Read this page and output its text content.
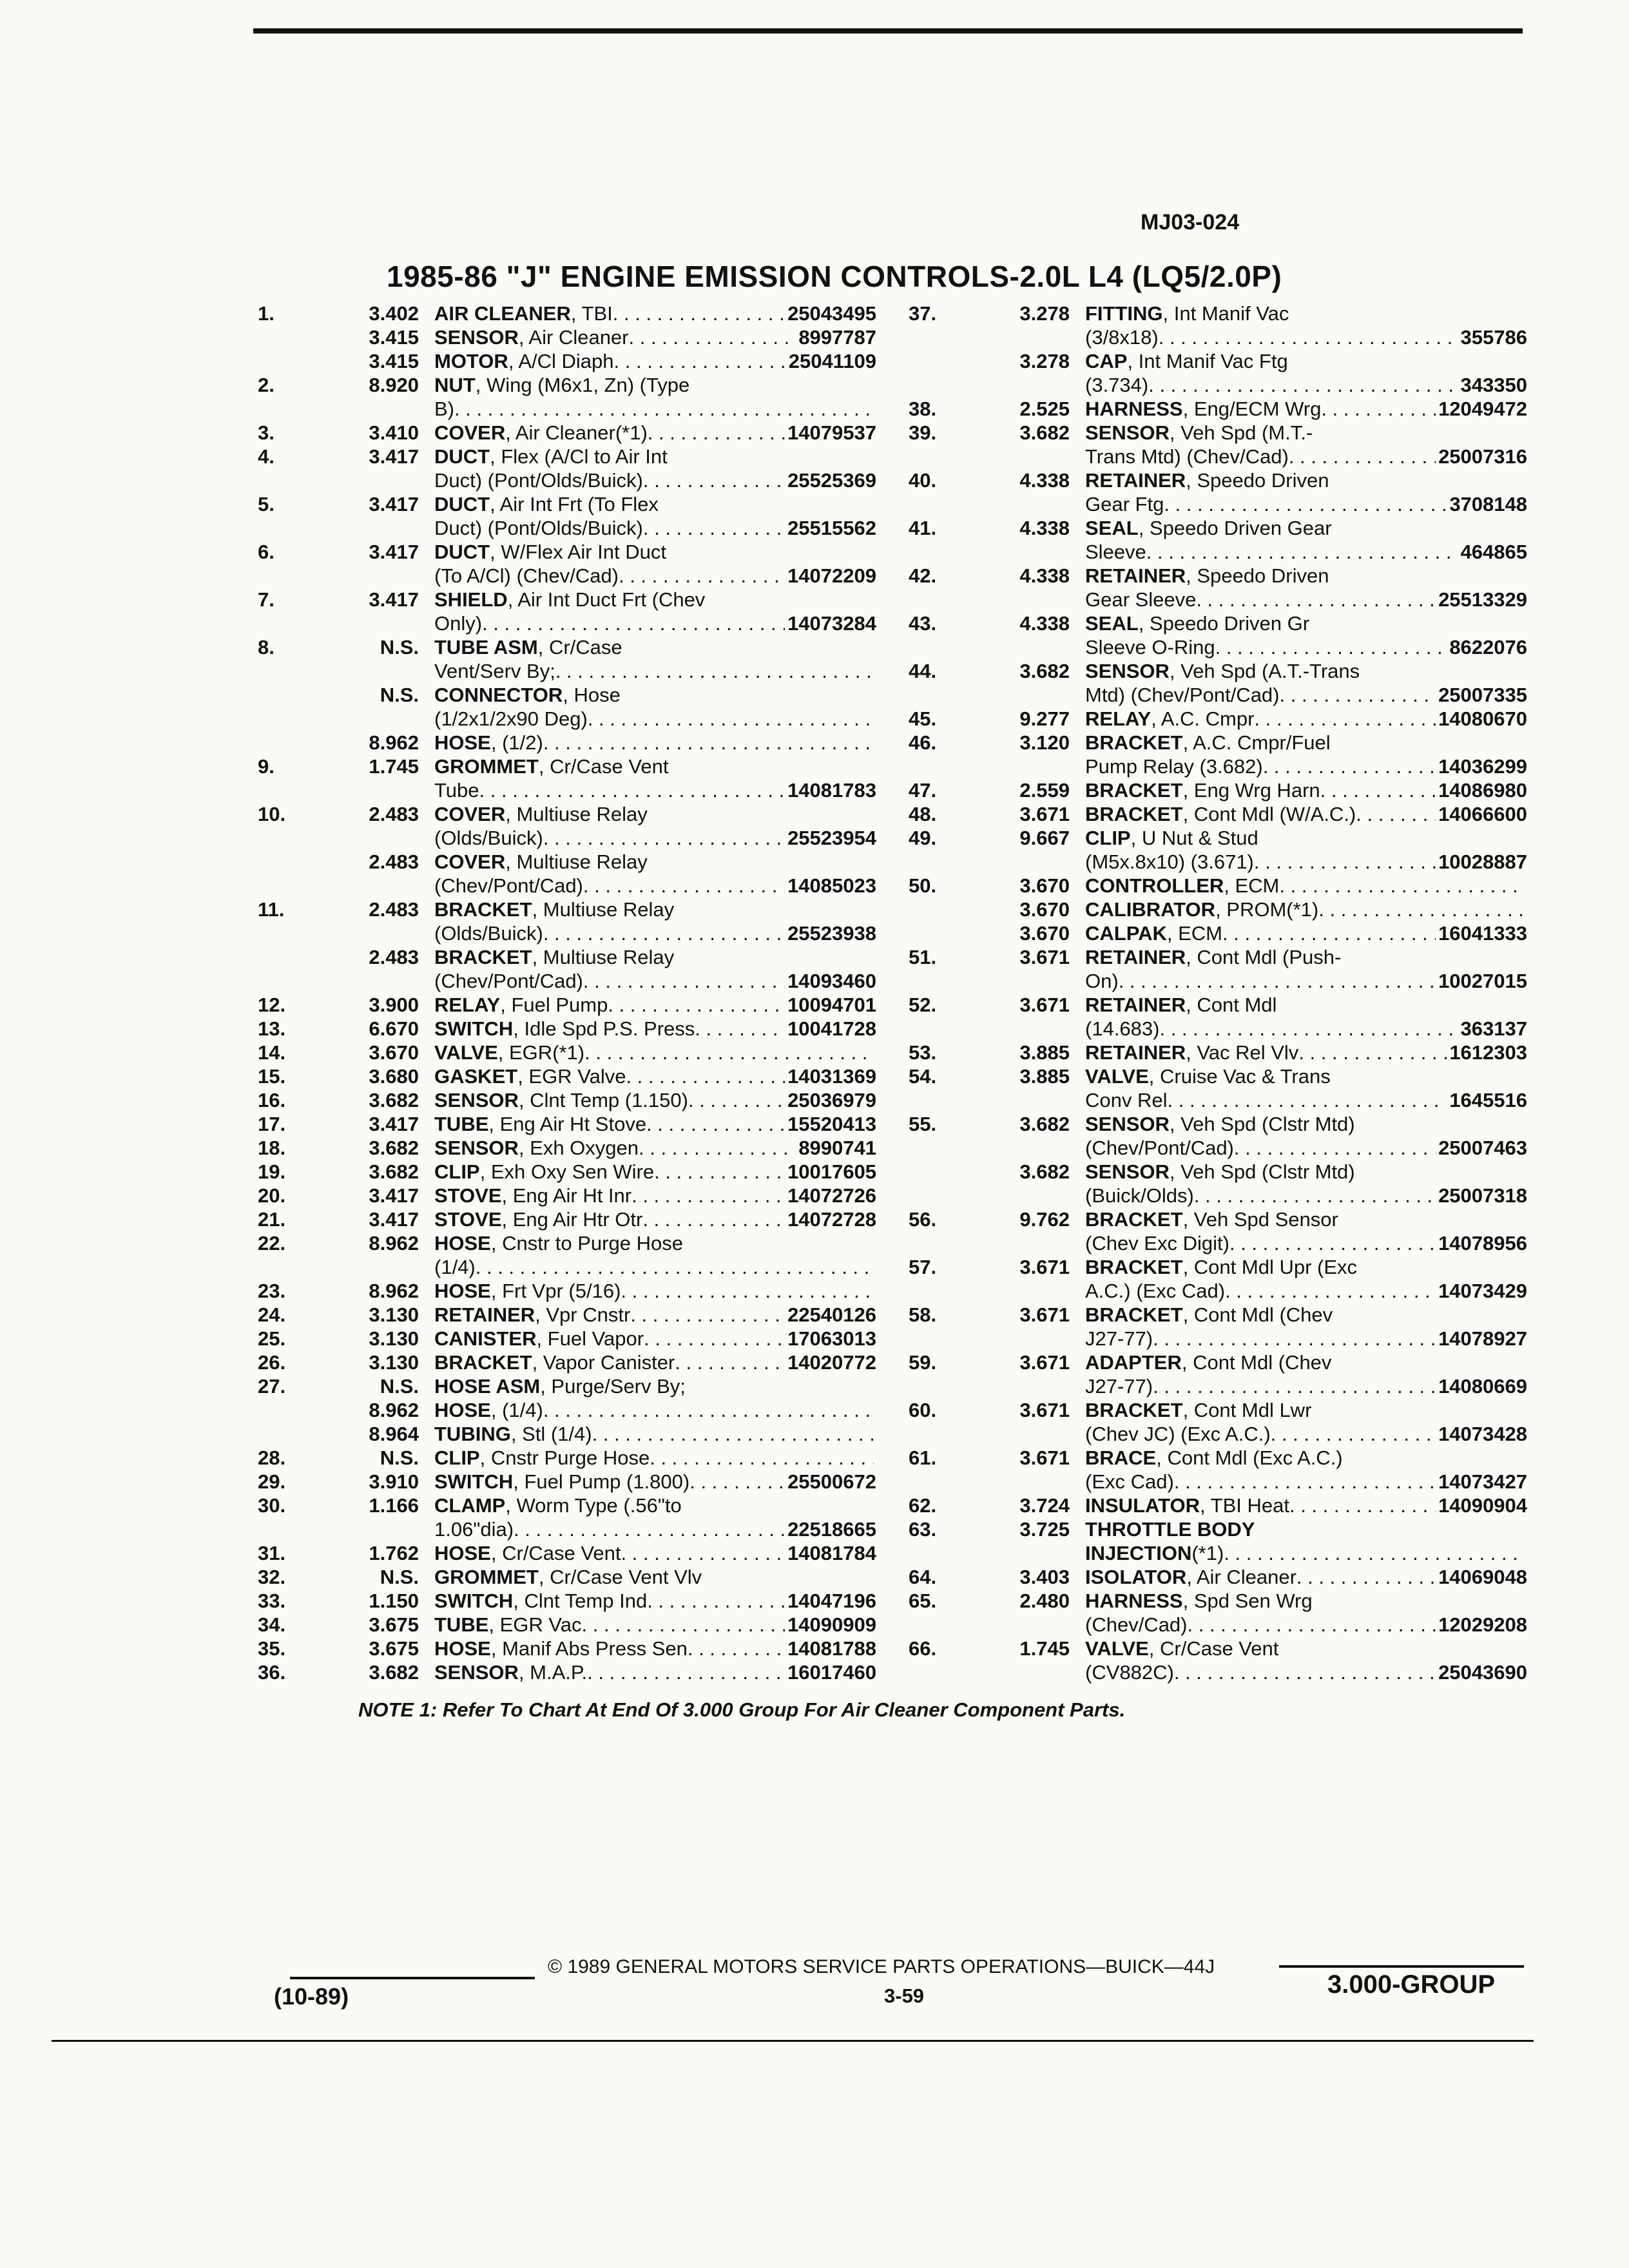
MJ03-024
1985-86 "J" ENGINE EMISSION CONTROLS-2.0L L4 (LQ5/2.0P)
1.	3.402 AIR CLEANER , TBI . . .	25043495
3.415 SENSOR , Air Cleaner . . .	8997787
3.415 MOTOR , A/Cl Diaph . . .	25041109
2.	8.920 NUT , Wing (M6x1, Zn) (Type
B)
. . .
3.	3.410 COVER , Air Cleaner(*1) . . .	14079537
4.	3.417 DUCT , Flex (A/Cl to Air Int
Duct) (Pont/Olds/Buick) . . .	25525369
5.	3.417 DUCT , Air Int Frt (To Flex
Duct) (Pont/Olds/Buick) . . .	25515562
6.	3.417 DUCT , W/Flex Air Int Duct
(To A/Cl) (Chev/Cad) . . .	14072209
7.	3.417 SHIELD , Air Int Duct Frt (Chev
Only) . . .	14073284
8.	N.S. TUBE ASM , Cr/Case
Vent/Serv By;
. . .
N.S. CONNECTOR , Hose
(1/2x1/2x90 Deg)
. . .
8.962 HOSE , (1/2)
. . .
9.	1.745 GROMMET , Cr/Case Vent
Tube . . .	14081783
10.	2.483 COVER , Multiuse Relay
(Olds/Buick) . . .	25523954
2.483 COVER , Multiuse Relay
(Chev/Pont/Cad) . . .	14085023
11.	2.483 BRACKET , Multiuse Relay
(Olds/Buick) . . .	25523938
2.483 BRACKET , Multiuse Relay
(Chev/Pont/Cad) . . .	14093460
12.	3.900 RELAY , Fuel Pump . . .	10094701
13.	6.670 SWITCH , Idle Spd P.S. Press . . .	10041728
14.	3.670 VALVE , EGR(*1)
. . .
15.	3.680 GASKET , EGR Valve . . .	14031369
16.	3.682 SENSOR , Clnt Temp (1.150) . . .	25036979
17.	3.417 TUBE , Eng Air Ht Stove . . .	15520413
18.	3.682 SENSOR , Exh Oxygen . . .	8990741
19.	3.682 CLIP , Exh Oxy Sen Wire . . .	10017605
20.	3.417 STOVE , Eng Air Ht Inr . . .	14072726
21.	3.417 STOVE , Eng Air Htr Otr . . .	14072728
22.	8.962 HOSE , Cnstr to Purge Hose
(1/4)
. . .
23.	8.962 HOSE , Frt Vpr (5/16)
. . .
24.	3.130 RETAINER , Vpr Cnstr . . .	22540126
25.	3.130 CANISTER , Fuel Vapor . . .	17063013
26.	3.130 BRACKET , Vapor Canister . . .	14020772
27.	N.S. HOSE ASM , Purge/Serv By;
8.962 HOSE , (1/4)
. . .
8.964 TUBING , Stl (1/4)
. . .
28.	N.S. CLIP , Cnstr Purge Hose
. . .
29.	3.910 SWITCH , Fuel Pump (1.800) . . .	25500672
30.	1.166 CLAMP , Worm Type (.56"to
1.06"dia) . . .	22518665
31.	1.762 HOSE , Cr/Case Vent . . .	14081784
32.	N.S. GROMMET , Cr/Case Vent Vlv
33.	1.150 SWITCH , Clnt Temp Ind . . .	14047196
34.	3.675 TUBE , EGR Vac . . .	14090909
35.	3.675 HOSE , Manif Abs Press Sen . . .	14081788
36.	3.682 SENSOR , M.A.P. . . .	16017460
37.	3.278 FITTING , Int Manif Vac
(3/8x18) . . .	355786
3.278 CAP , Int Manif Vac Ftg
(3.734) . . .	343350
38.	2.525 HARNESS , Eng/ECM Wrg . . .	12049472
39.	3.682 SENSOR , Veh Spd (M.T.-
Trans Mtd) (Chev/Cad) . . .	25007316
40.	4.338 RETAINER , Speedo Driven
Gear Ftg . . .	3708148
41.	4.338 SEAL , Speedo Driven Gear
Sleeve . . .	464865
42.	4.338 RETAINER , Speedo Driven
Gear Sleeve . . .	25513329
43.	4.338 SEAL , Speedo Driven Gr
Sleeve O-Ring . . .	8622076
44.	3.682 SENSOR , Veh Spd (A.T.-Trans
Mtd) (Chev/Pont/Cad) . . .	25007335
45.	9.277 RELAY , A.C. Cmpr . . .	14080670
46.	3.120 BRACKET , A.C. Cmpr/Fuel
Pump Relay (3.682) . . .	14036299
47.	2.559 BRACKET , Eng Wrg Harn . . .	14086980
48.	3.671 BRACKET , Cont Mdl (W/A.C.) . . .	14066600
49.	9.667 CLIP , U Nut & Stud
(M5x.8x10) (3.671) . . .	10028887
50.	3.670 CONTROLLER , ECM
. . .
3.670 CALIBRATOR , PROM(*1)
. . .
3.670 CALPAK , ECM . . .	16041333
51.	3.671 RETAINER , Cont Mdl (Push-
On) . . .	10027015
52.	3.671 RETAINER , Cont Mdl
(14.683) . . .	363137
53.	3.885 RETAINER , Vac Rel Vlv . . .	1612303
54.	3.885 VALVE , Cruise Vac & Trans
Conv Rel . . .	1645516
55.	3.682 SENSOR , Veh Spd (Clstr Mtd)
(Chev/Pont/Cad) . . .	25007463
3.682 SENSOR , Veh Spd (Clstr Mtd)
(Buick/Olds) . . .	25007318
56.	9.762 BRACKET , Veh Spd Sensor
(Chev Exc Digit) . . .	14078956
57.	3.671 BRACKET , Cont Mdl Upr (Exc
A.C.) (Exc Cad) . . .	14073429
58.	3.671 BRACKET , Cont Mdl (Chev
J27-77) . . .	14078927
59.	3.671 ADAPTER , Cont Mdl (Chev
J27-77) . . .	14080669
60.	3.671 BRACKET , Cont Mdl Lwr
(Chev JC) (Exc A.C.) . . .	14073428
61.	3.671 BRACE , Cont Mdl (Exc A.C.)
(Exc Cad) . . .	14073427
62.	3.724 INSULATOR , TBI Heat . . .	14090904
63.	3.725 THROTTLE BODY
INJECTION (*1)
. . .
64.	3.403 ISOLATOR , Air Cleaner . . .	14069048
65.	2.480 HARNESS , Spd Sen Wrg
(Chev/Cad) . . .	12029208
66.	1.745 VALVE , Cr/Case Vent
(CV882C) . . .	25043690
NOTE 1: Refer To Chart At End Of 3.000 Group For Air Cleaner Component Parts.
© 1989 GENERAL MOTORS SERVICE PARTS OPERATIONS—BUICK—44J
(10-89)	3-59	3.000-GROUP
